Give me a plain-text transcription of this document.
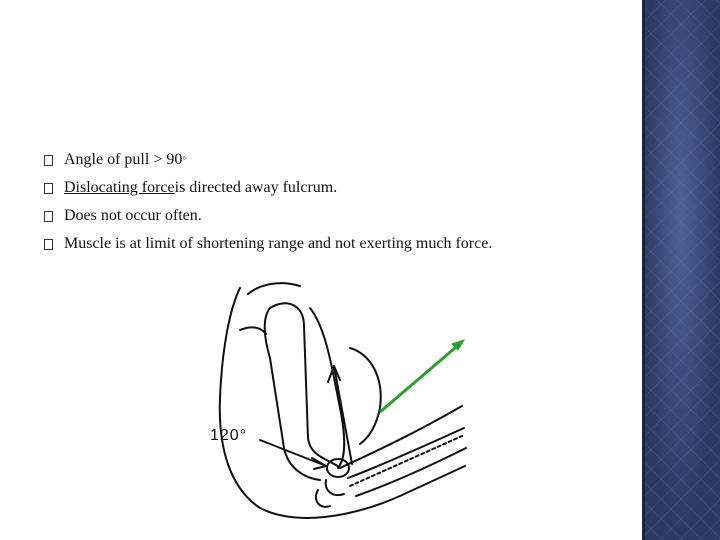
Angle of pull > 90 °
Dislocating force is directed away fulcrum.
Does not occur often.
Muscle is at limit of shortening range and not exerting much force.
120°
